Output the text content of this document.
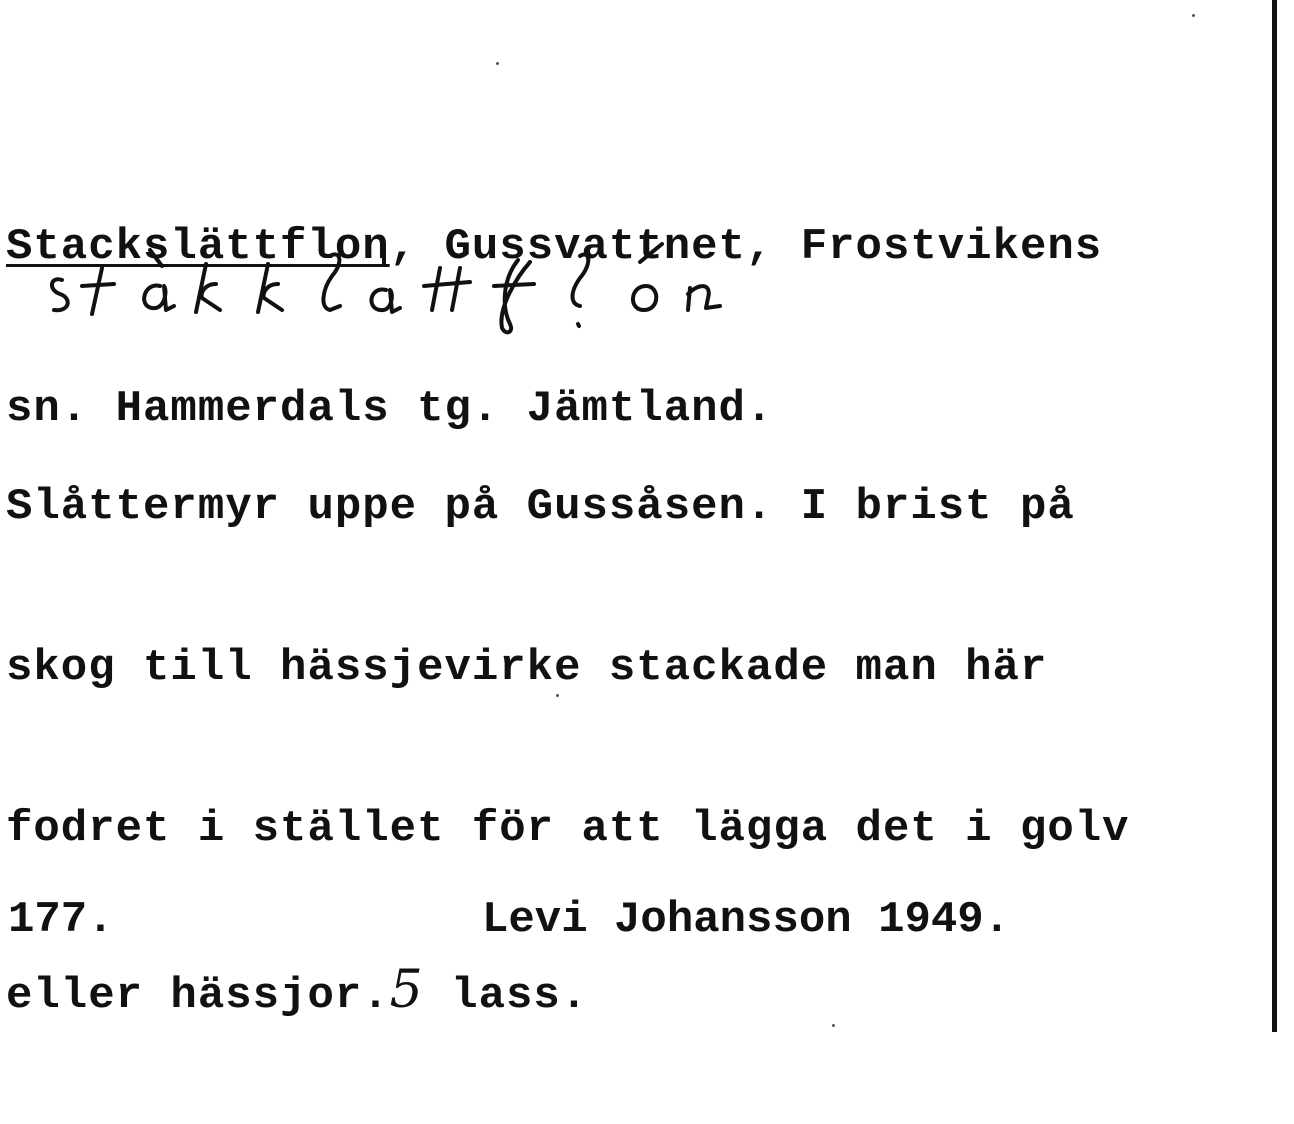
Stackslättflon, Gussvattnet, Frostvikens

sn. Hammerdals tg. Jämtland.

Slåttermyr uppe på Gussåsen. I brist på

skog till hässjevirke stackade man här

fodret i stället för att lägga det i golv

eller hässjor.5 lass.

177.	Levi Johansson 1949.
